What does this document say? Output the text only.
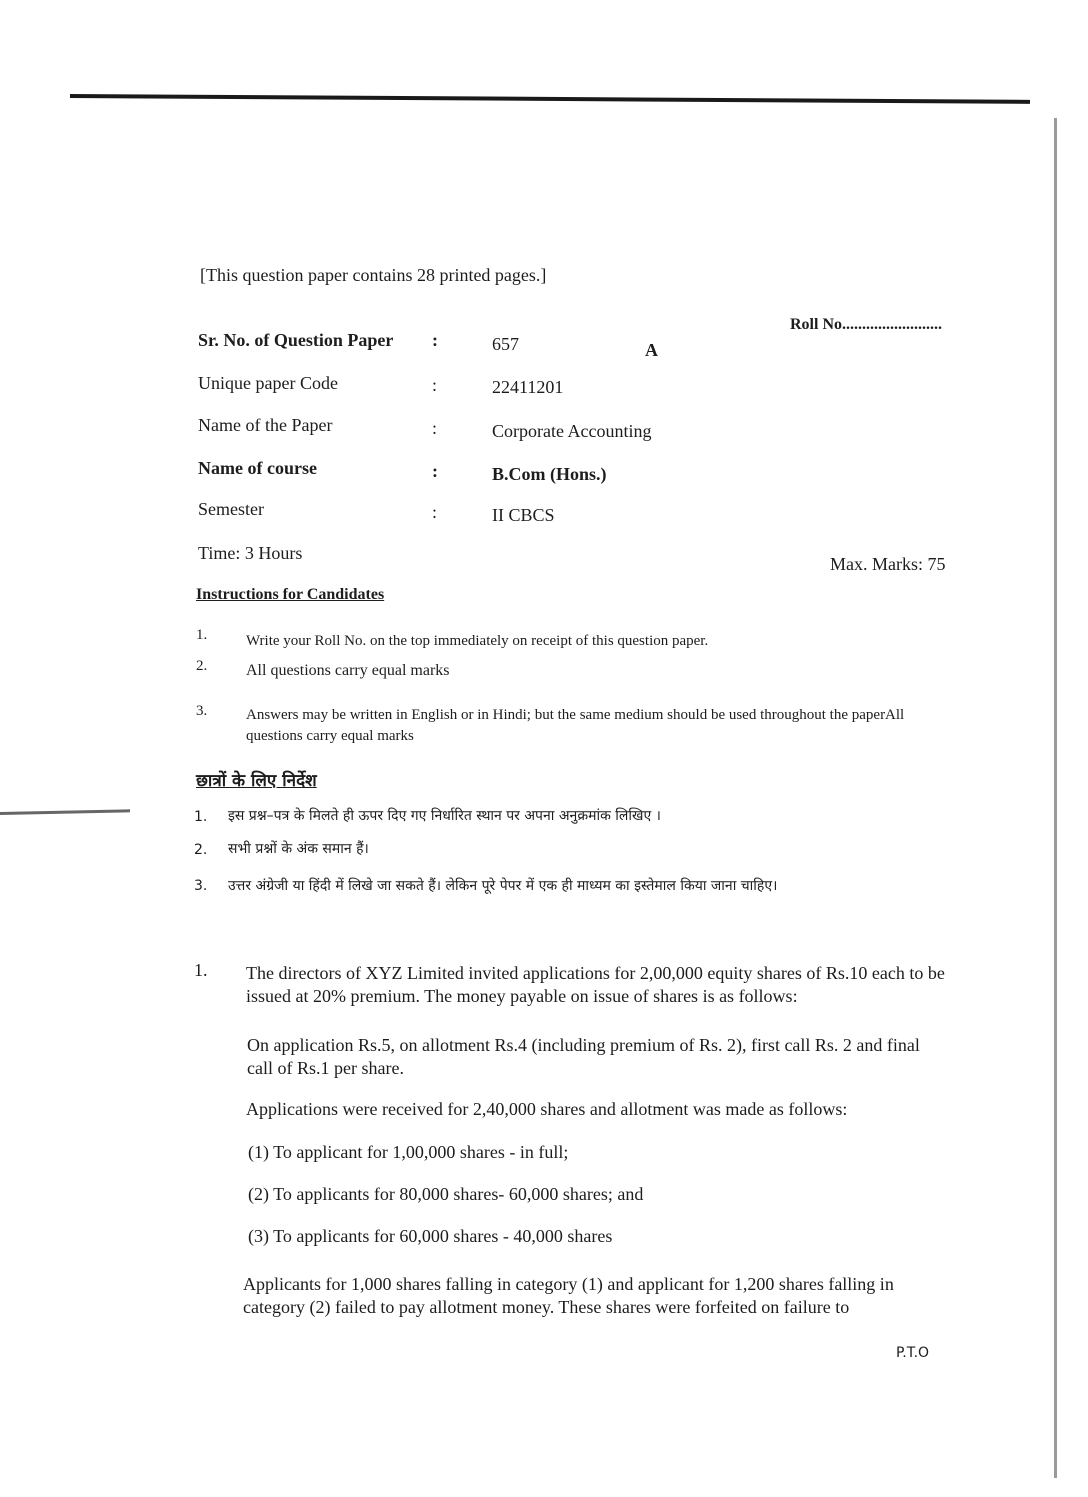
[This question paper contains 28 printed pages.]
Roll No.........................
Sr. No. of Question Paper :	657
Unique paper Code	:	22411201
Name of the Paper	:	Corporate Accounting
Name of course	:	B.Com (Hons.)
Semester	:	II CBCS
A
Time: 3 Hours
Max. Marks: 75
Instructions for Candidates
1.	Write your Roll No. on the top immediately on receipt of this question paper.
2. All questions carry equal marks
3.	Answers may be written in English or in Hindi; but the same medium should be used throughout the paperAll questions carry equal marks
छात्रों के लिए निर्देश
1. इस प्रश्न–पत्र के मिलते ही ऊपर दिए गए निर्धारित स्थान पर अपना अनुक्रमांक लिखिए ।
2. सभी प्रश्नों के अंक समान हैं।
3. उत्तर अंग्रेजी या हिंदी में लिखे जा सकते हैं। लेकिन पूरे पेपर में एक ही माध्यम का इस्तेमाल किया जाना चाहिए।
1. The directors of XYZ Limited invited applications for 2,00,000 equity shares of Rs.10 each to be issued at 20% premium. The money payable on issue of shares is as follows:
On application Rs.5, on allotment Rs.4 (including premium of Rs. 2), first call Rs. 2 and final call of Rs.1 per share.
Applications were received for 2,40,000 shares and allotment was made as follows:
(1) To applicant for 1,00,000 shares - in full;
(2) To applicants for 80,000 shares- 60,000 shares; and
(3) To applicants for 60,000 shares - 40,000 shares
Applicants for 1,000 shares falling in category (1) and applicant for 1,200 shares falling in category (2) failed to pay allotment money. These shares were forfeited on failure to
P.T.O
